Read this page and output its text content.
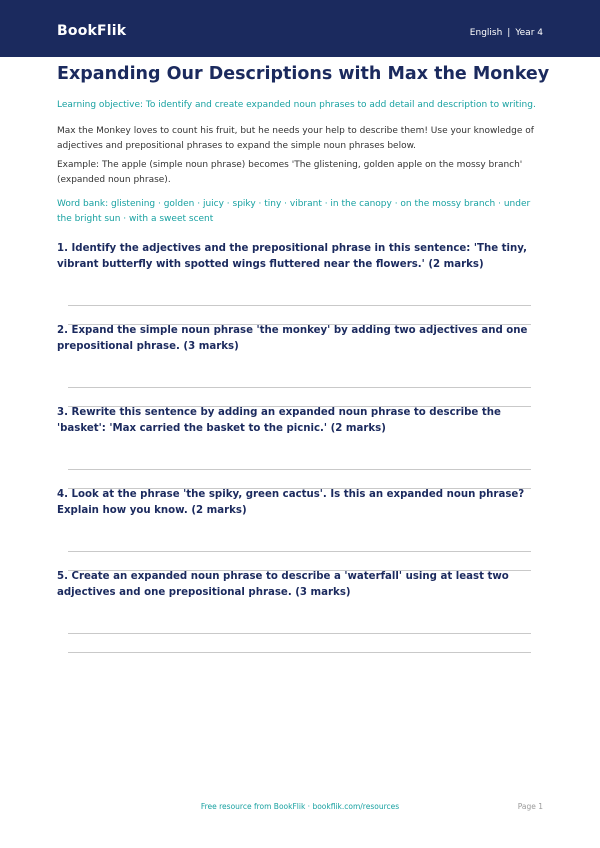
BookFlik	English | Year 4
Expanding Our Descriptions with Max the Monkey
Learning objective: To identify and create expanded noun phrases to add detail and description to writing.
Max the Monkey loves to count his fruit, but he needs your help to describe them! Use your knowledge of adjectives and prepositional phrases to expand the simple noun phrases below.
Example: The apple (simple noun phrase) becomes 'The glistening, golden apple on the mossy branch' (expanded noun phrase).
Word bank: glistening · golden · juicy · spiky · tiny · vibrant · in the canopy · on the mossy branch · under the bright sun · with a sweet scent
1. Identify the adjectives and the prepositional phrase in this sentence: 'The tiny, vibrant butterfly with spotted wings fluttered near the flowers.' (2 marks)
2. Expand the simple noun phrase 'the monkey' by adding two adjectives and one prepositional phrase. (3 marks)
3. Rewrite this sentence by adding an expanded noun phrase to describe the 'basket': 'Max carried the basket to the picnic.' (2 marks)
4. Look at the phrase 'the spiky, green cactus'. Is this an expanded noun phrase? Explain how you know. (2 marks)
5. Create an expanded noun phrase to describe a 'waterfall' using at least two adjectives and one prepositional phrase. (3 marks)
Free resource from BookFlik · bookflik.com/resources	Page 1
